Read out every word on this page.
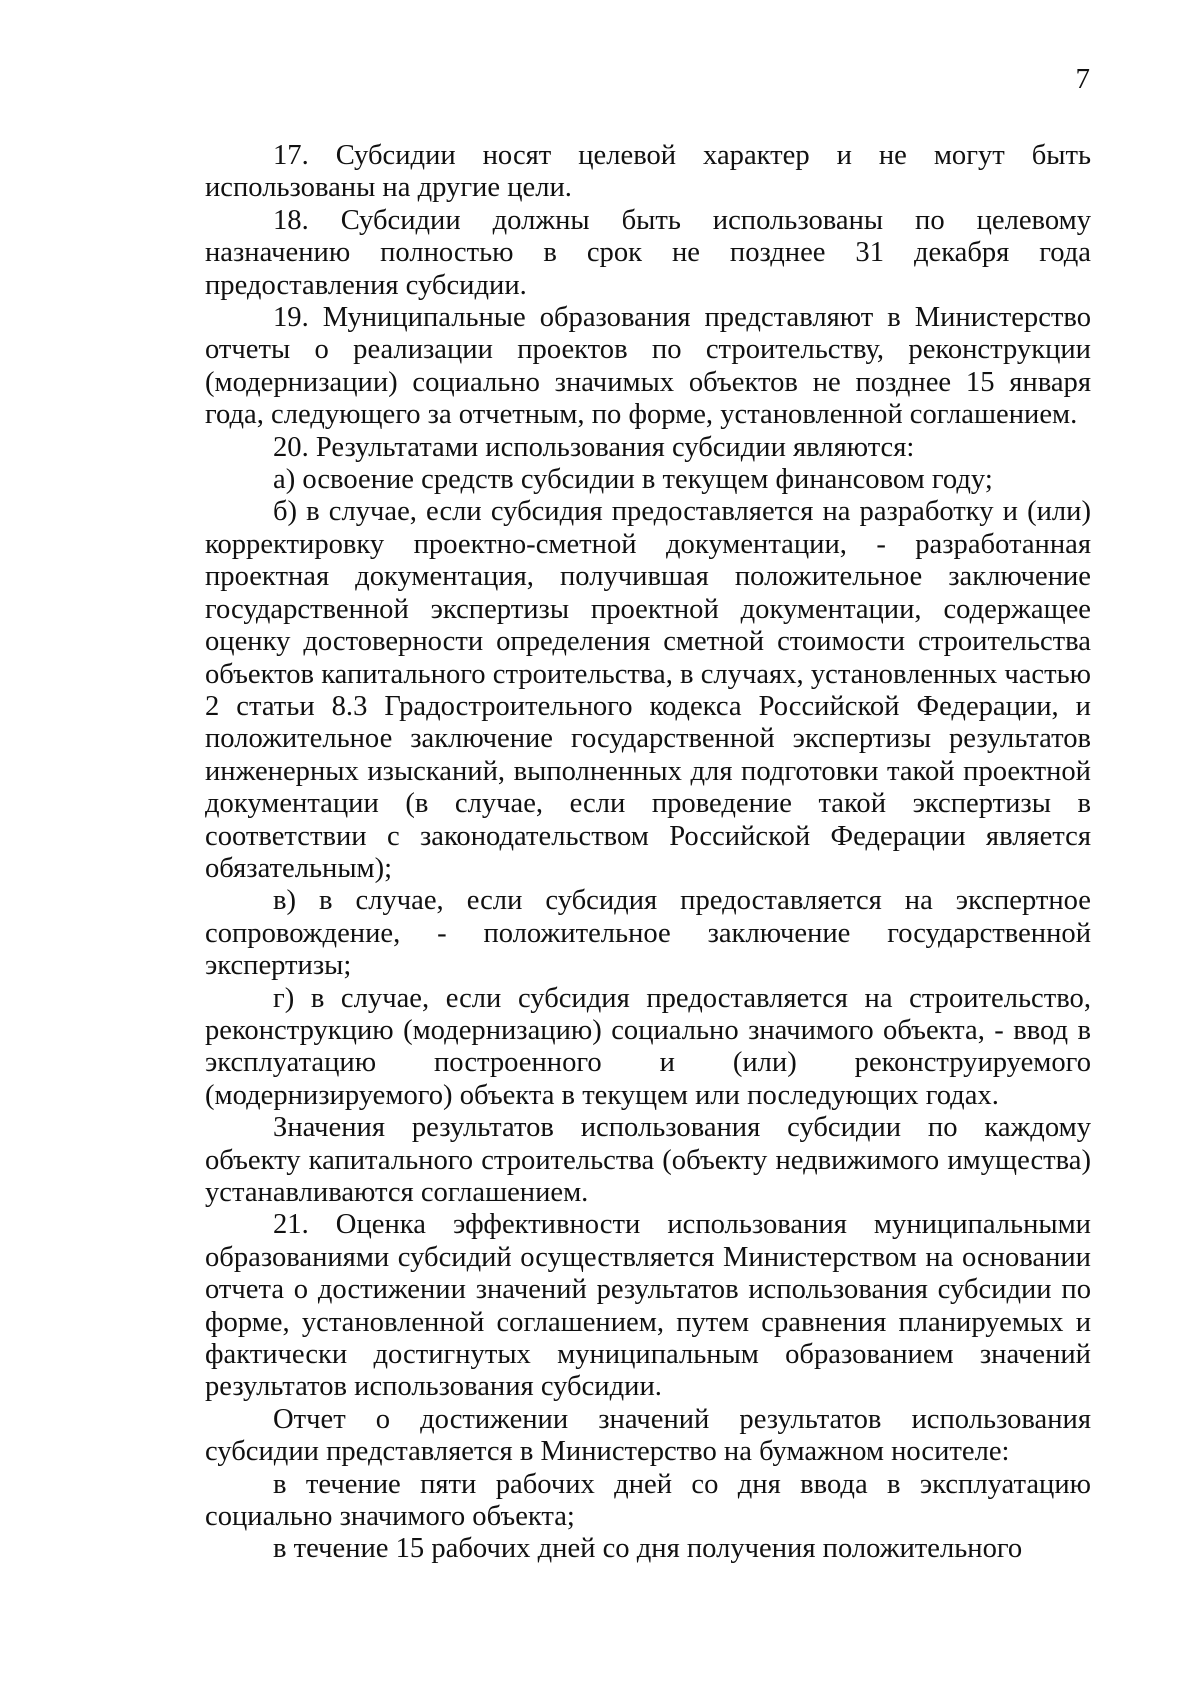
7

17. Субсидии носят целевой характер и не могут быть использованы на другие цели.

18. Субсидии должны быть использованы по целевому назначению полностью в срок не позднее 31 декабря года предоставления субсидии.

19. Муниципальные образования представляют в Министерство отчеты о реализации проектов по строительству, реконструкции (модернизации) социально значимых объектов не позднее 15 января года, следующего за отчетным, по форме, установленной соглашением.

20. Результатами использования субсидии являются:

а) освоение средств субсидии в текущем финансовом году;

б) в случае, если субсидия предоставляется на разработку и (или) корректировку проектно-сметной документации, - разработанная проектная документация, получившая положительное заключение государственной экспертизы проектной документации, содержащее оценку достоверности определения сметной стоимости строительства объектов капитального строительства, в случаях, установленных частью 2 статьи 8.3 Градостроительного кодекса Российской Федерации, и положительное заключение государственной экспертизы результатов инженерных изысканий, выполненных для подготовки такой проектной документации (в случае, если проведение такой экспертизы в соответствии с законодательством Российской Федерации является обязательным);

в) в случае, если субсидия предоставляется на экспертное сопровождение, - положительное заключение государственной экспертизы;

г) в случае, если субсидия предоставляется на строительство, реконструкцию (модернизацию) социально значимого объекта, - ввод в эксплуатацию построенного и (или) реконструируемого (модернизируемого) объекта в текущем или последующих годах.

Значения результатов использования субсидии по каждому объекту капитального строительства (объекту недвижимого имущества) устанавливаются соглашением.

21. Оценка эффективности использования муниципальными образованиями субсидий осуществляется Министерством на основании отчета о достижении значений результатов использования субсидии по форме, установленной соглашением, путем сравнения планируемых и фактически достигнутых муниципальным образованием значений результатов использования субсидии.

Отчет о достижении значений результатов использования субсидии представляется в Министерство на бумажном носителе:

в течение пяти рабочих дней со дня ввода в эксплуатацию социально значимого объекта;

в течение 15 рабочих дней со дня получения положительного
